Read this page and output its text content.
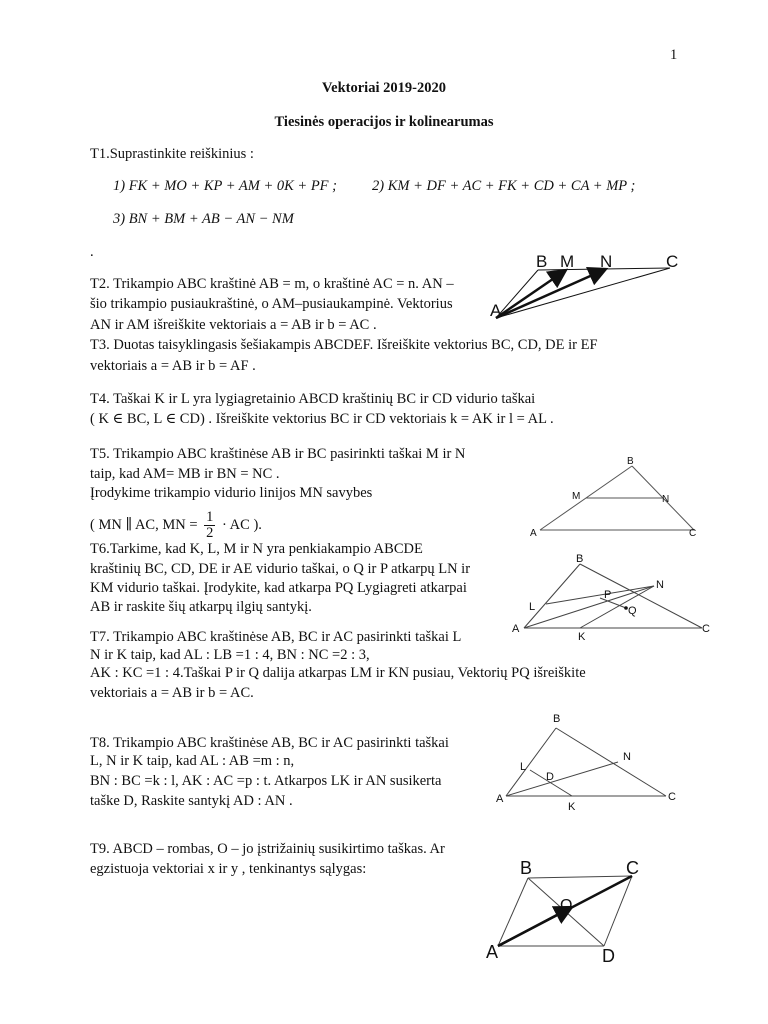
1
Vektoriai 2019-2020
Tiesinės operacijos ir kolinearumas
T1.Suprastinkite reiškinius :
1) FK + MO + KP + AM + 0K + PF ; 2) KM + DF + AC + FK + CD + CA + MP ;
3) BN + BM + AB − AN − NM
.
T2. Trikampio ABC kraštinė AB = m, o kraštinė AC = n. AN –
šio trikampio pusiaukraštinė, o AM–pusiaukampinė. Vektorius
AN ir AM išreiškite vektoriais a = AB ir b = AC .
B M N	C
A
T3. Duotas taisyklingasis šešiakampis ABCDEF. Išreiškite vektorius BC, CD, DE ir EF
vektoriais a = AB ir b = AF .
T4. Taškai K ir L yra lygiagretainio ABCD kraštinių BC ir CD vidurio taškai
( K ∈ BC, L ∈ CD) . Išreiškite vektorius BC ir CD vektoriais k = AK ir l = AL .
T5. Trikampio ABC kraštinėse AB ir BC pasirinkti taškai M ir N
taip, kad AM= MB ir BN = NC .
Įrodykime trikampio vidurio linijos MN savybes
( MN ∥ AC, MN = $\frac{1}{2}$ · AC ).
B
M	N
A	C
T6.Tarkime, kad K, L, M ir N yra penkiakampio ABCDE
kraštinių BC, CD, DE ir AE vidurio taškai, o Q ir P atkarpų LN ir
KM vidurio taškai. Įrodykite, kad atkarpa PQ Lygiagreti atkarpai
AB ir raskite šių atkarpų ilgių santykį.
B
N
P
L	Q
A
K
C
T7. Trikampio ABC kraštinėse AB, BC ir AC pasirinkti taškai L
N ir K taip, kad AL : LB =1 : 4, BN : NC =2 : 3,
AK : KC =1 : 4.Taškai P ir Q dalija atkarpas LM ir KN pusiau, Vektorių PQ išreiškite
vektoriais a = AB ir b = AC.
T8. Trikampio ABC kraštinėse AB, BC ir AC pasirinkti taškai
L, N ir K taip, kad AL : AB =m : n,
BN : BC =k : l, AK : AC =p : t. Atkarpos LK ir AN susikerta
taške D, Raskite santykį AD : AN .
B
N
L
D
A
K
C
T9. ABCD – rombas, O – jo įstrižainių susikirtimo taškas. Ar
egzistuoja vektoriai x ir y , tenkinantys sąlygas:	B	C
O
A	D
